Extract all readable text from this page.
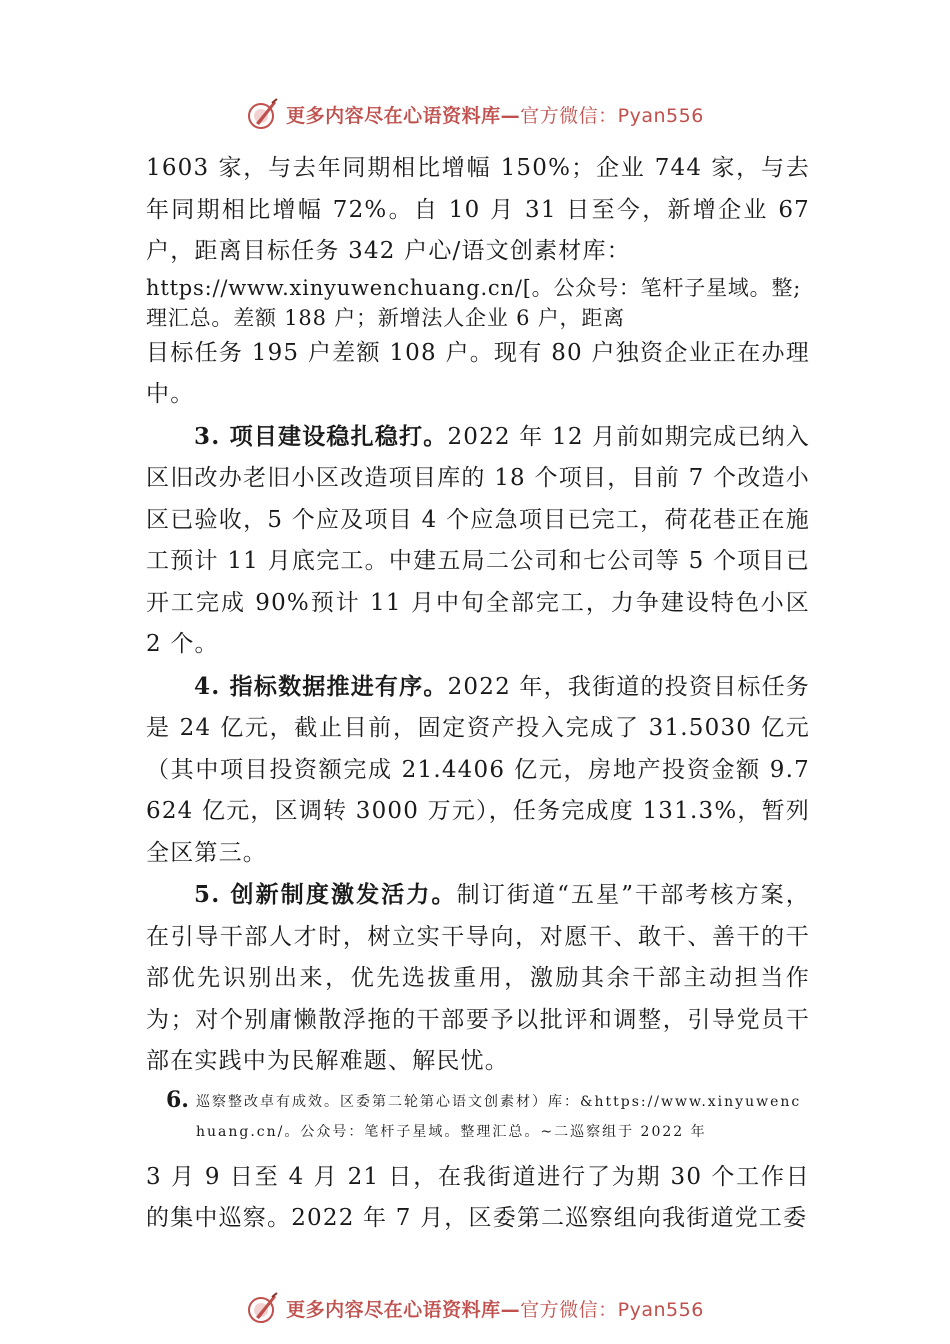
更多内容尽在心语资料库—官方微信：Pyan556

1603 家，与去年同期相比增幅 150%；企业 744 家，与去年同期相比增幅 72%。自 10 月 31 日至今，新增企业 67 户，距离目标任务 342 户心/语文创素材库：

https://www.xinyuwenchuang.cn/[。公众号：笔杆子星域。整;理汇总。差额 188 户；新增法人企业 6 户，距离

目标任务 195 户差额 108 户。现有 80 户独资企业正在办理中。

3. 项目建设稳扎稳打。2022 年 12 月前如期完成已纳入区旧改办老旧小区改造项目库的 18 个项目，目前 7 个改造小区已验收，5 个应及项目 4 个应急项目已完工，荷花巷正在施工预计 11 月底完工。中建五局二公司和七公司等 5 个项目已开工完成 90%预计 11 月中旬全部完工，力争建设特色小区 2 个。

4. 指标数据推进有序。2022 年，我街道的投资目标任务是 24 亿元，截止目前，固定资产投入完成了 31.5030 亿元（其中项目投资额完成 21.4406 亿元，房地产投资金额 9.7624 亿元，区调转 3000 万元），任务完成度 131.3%，暂列全区第三。

5. 创新制度激发活力。制订街道“五星”干部考核方案，在引导干部人才时，树立实干导向，对愿干、敢干、善干的干部优先识别出来，优先选拔重用，激励其余干部主动担当作为；对个别庸懒散浮拖的干部要予以批评和调整，引导党员干部在实践中为民解难题、解民忧。

6. 巡察整改卓有成效。区委第二轮第心语文创素材）库：&https://www.xinyuwenchuang.cn/。公众号：笔杆子星域。整理汇总。~二巡察组于 2022 年

3 月 9 日至 4 月 21 日，在我街道进行了为期 30 个工作日的集中巡察。2022 年 7 月，区委第二巡察组向我街道党工委

更多内容尽在心语资料库—官方微信：Pyan556
